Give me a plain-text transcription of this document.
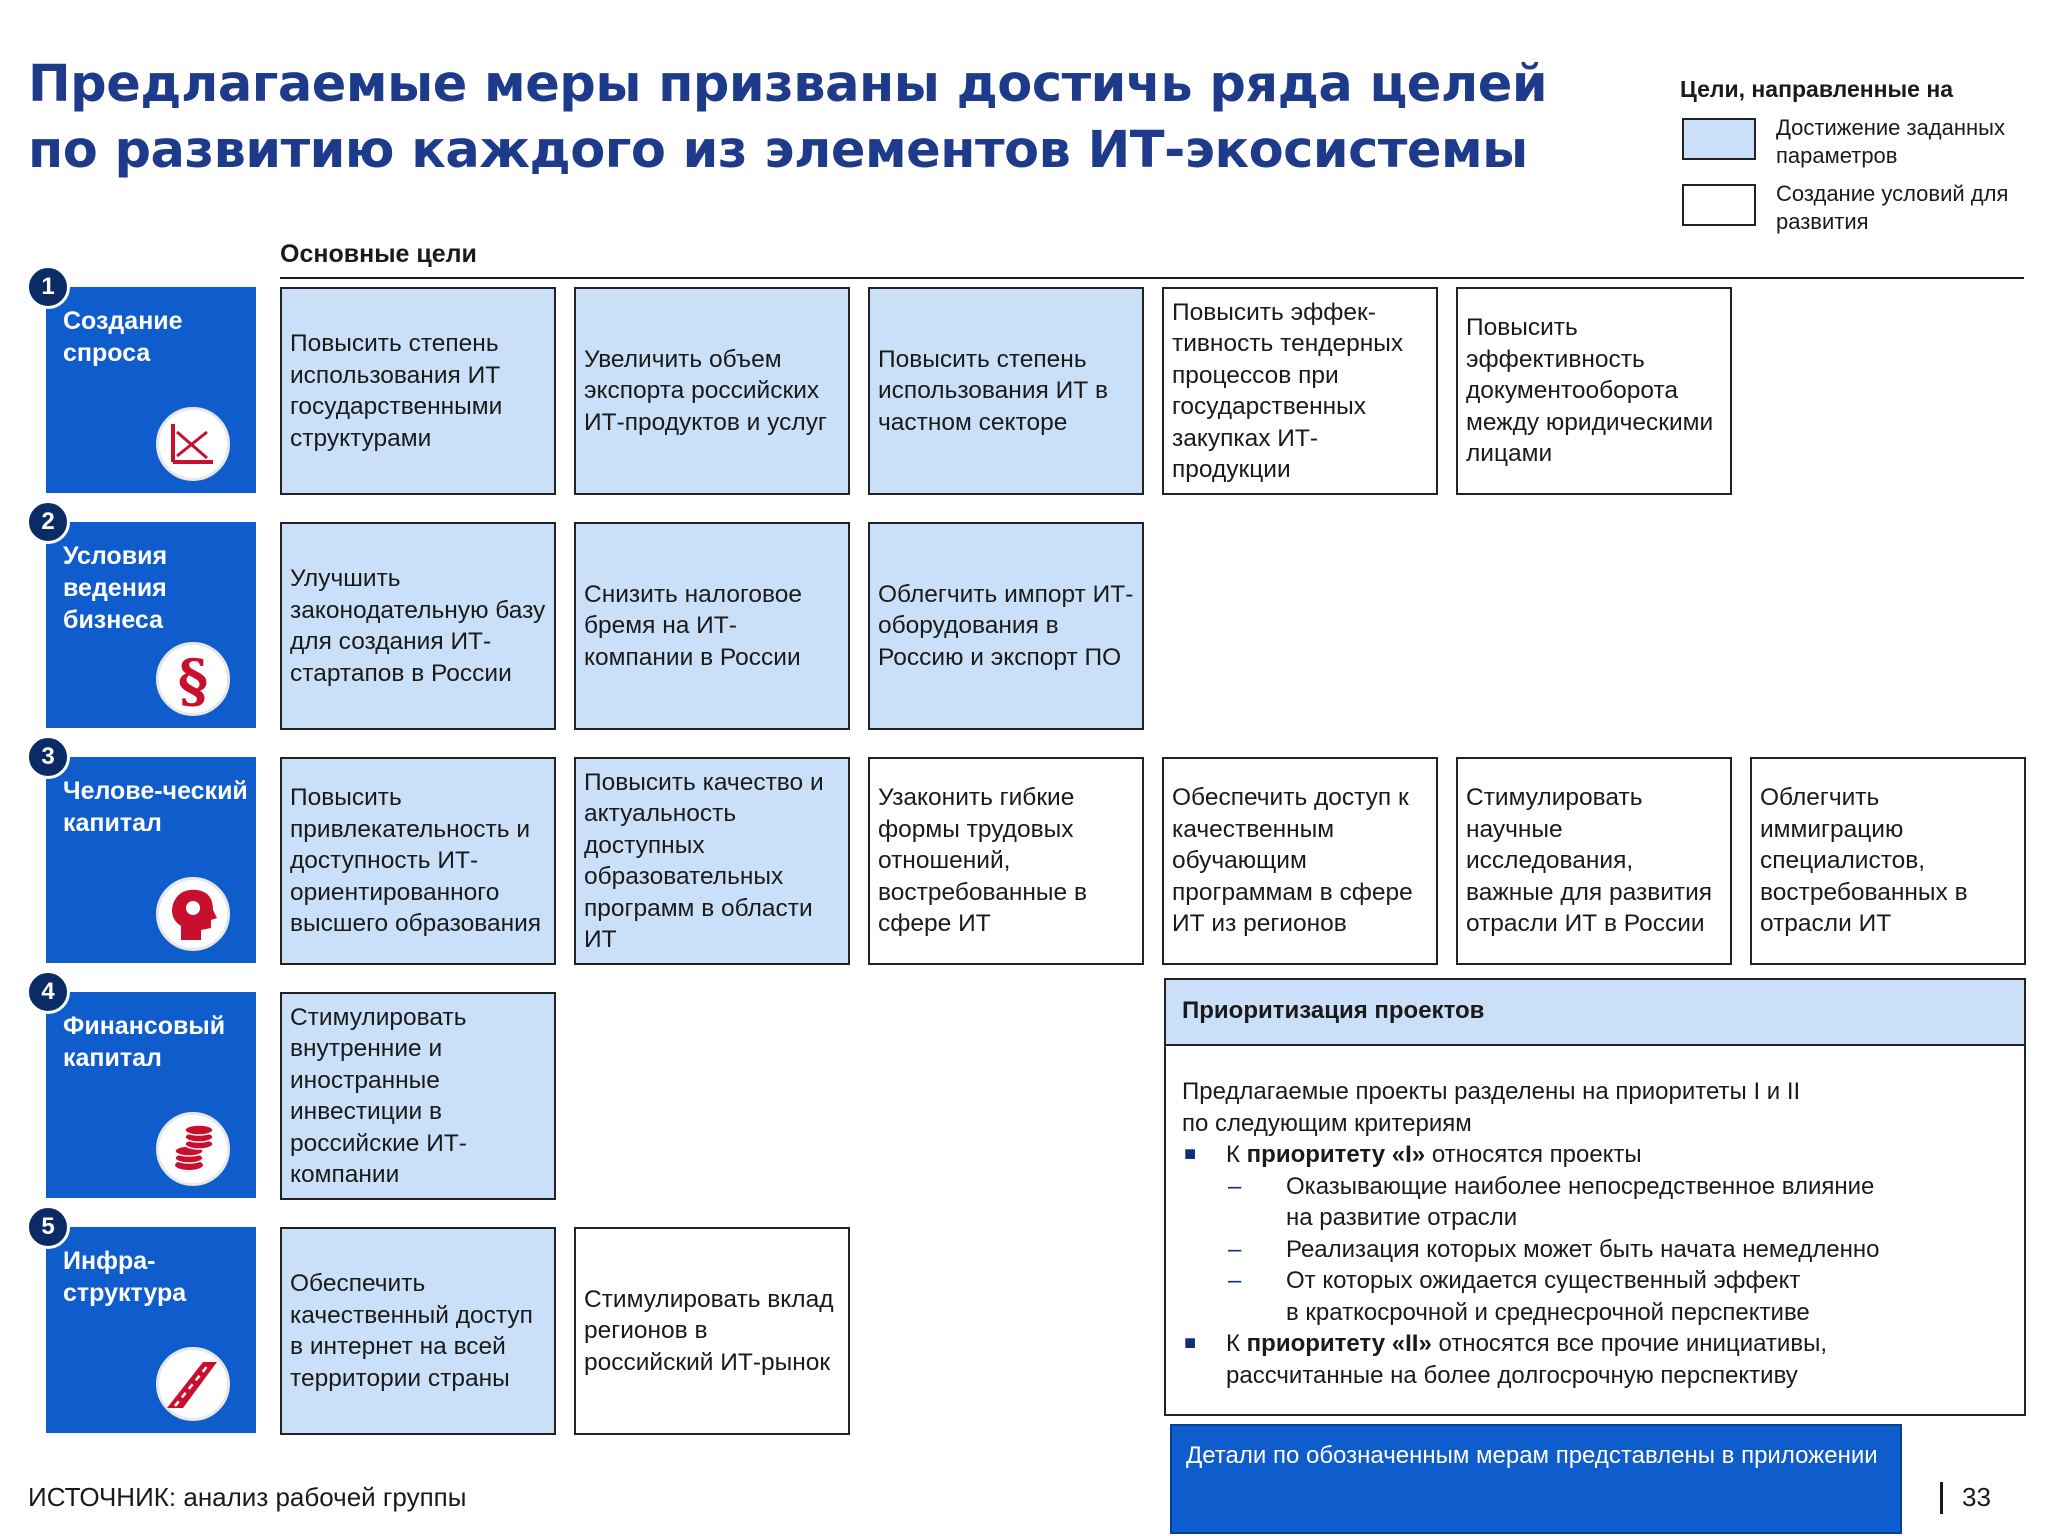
Предлагаемые меры призваны достичь ряда целей
по развитию каждого из элементов ИТ-экосистемы
Цели, направленные на
Достижение заданных параметров
Создание условий для развития
Основные цели
1
Создание спроса	Повысить степень использования ИТ государственными структурами
Увеличить объем экспорта российских ИТ-продуктов и услуг
Повысить степень использования ИТ в частном секторе
Повысить эффек-тивность тендерных процессов при государственных закупках ИТ-продукции
Повысить эффективность документооборота между юридическими лицами
2
Условия ведения бизнеса
§
Улучшить законодательную базу для создания ИТ-стартапов в России
Снизить налоговое бремя на ИТ-компании в России
Облегчить импорт ИТ-оборудования в Россию и экспорт ПО
3
Челове-ческий капитал
Повысить привлекательность и доступность ИТ-ориентированного высшего образования
Повысить качество и актуальность доступных образовательных программ в области ИТ
Узаконить гибкие формы трудовых отношений, востребованные в сфере ИТ
Обеспечить доступ к качественным обучающим программам в сфере ИТ из регионов
Стимулировать научные исследования, важные для развития отрасли ИТ в России
Облегчить иммиграцию специалистов, востребованных в отрасли ИТ
4
Финансовый капитал
Стимулировать внутренние и иностранные инвестиции в российские ИТ-компании
5
Инфра-структура	Обеспечить качественный доступ в интернет на всей территории страны
Стимулировать вклад регионов в российский ИТ-рынок
Приоритизация проектов
Предлагаемые проекты разделены на приоритеты I и II
по следующим критериям
■ К приоритету «I» относятся проекты
– Оказывающие наиболее непосредственное влияние
на развитие отрасли
– Реализация которых может быть начата немедленно
– От которых ожидается существенный эффект
в краткосрочной и среднесрочной перспективе
■ К приоритету «II» относятся все прочие инициативы,
рассчитанные на более долгосрочную перспективу
Детали по обозначенным мерам представлены в приложении
ИСТОЧНИК: анализ рабочей группы	33
